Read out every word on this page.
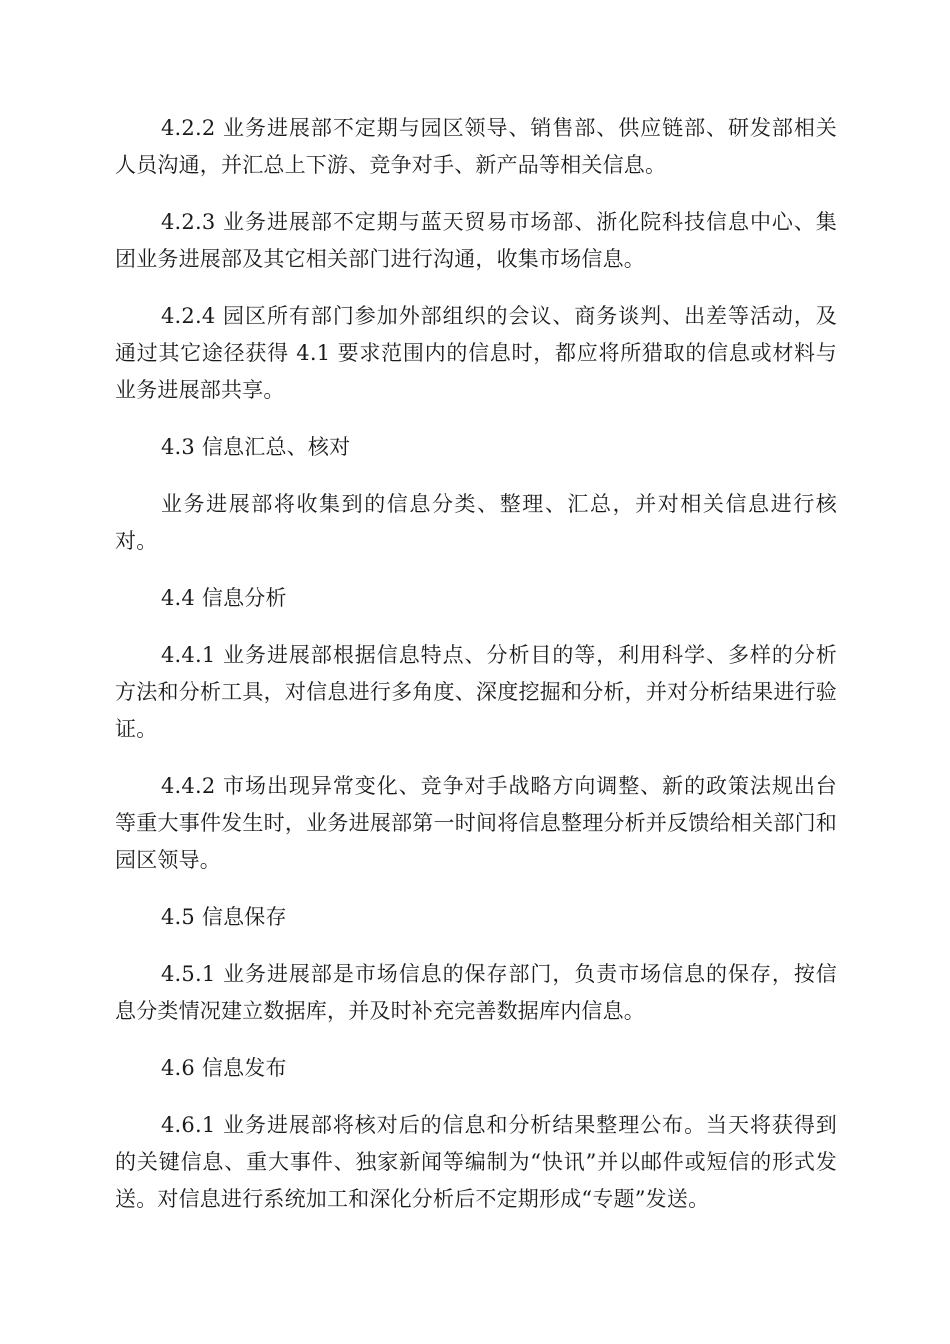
4.2.2 业务进展部不定期与园区领导、销售部、供应链部、研发部相关人员沟通，并汇总上下游、竞争对手、新产品等相关信息。

4.2.3 业务进展部不定期与蓝天贸易市场部、浙化院科技信息中心、集团业务进展部及其它相关部门进行沟通，收集市场信息。

4.2.4 园区所有部门参加外部组织的会议、商务谈判、出差等活动，及通过其它途径获得 4.1 要求范围内的信息时，都应将所猎取的信息或材料与业务进展部共享。

4.3 信息汇总、核对

业务进展部将收集到的信息分类、整理、汇总，并对相关信息进行核对。

4.4 信息分析

4.4.1 业务进展部根据信息特点、分析目的等，利用科学、多样的分析方法和分析工具，对信息进行多角度、深度挖掘和分析，并对分析结果进行验证。

4.4.2 市场出现异常变化、竞争对手战略方向调整、新的政策法规出台等重大事件发生时，业务进展部第一时间将信息整理分析并反馈给相关部门和园区领导。

4.5 信息保存

4.5.1 业务进展部是市场信息的保存部门，负责市场信息的保存，按信息分类情况建立数据库，并及时补充完善数据库内信息。

4.6 信息发布

4.6.1 业务进展部将核对后的信息和分析结果整理公布。当天将获得到的关键信息、重大事件、独家新闻等编制为“快讯”并以邮件或短信的形式发送。对信息进行系统加工和深化分析后不定期形成“专题”发送。
